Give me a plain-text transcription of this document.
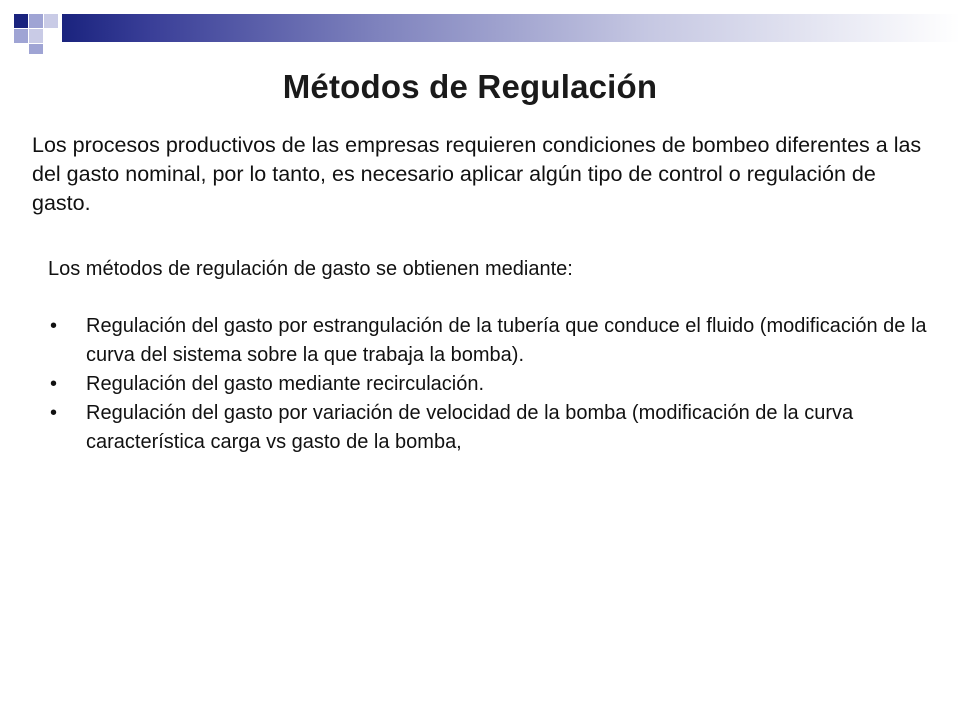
Métodos de Regulación

Los procesos productivos de las empresas requieren condiciones de bombeo diferentes a las del gasto nominal, por lo tanto, es necesario aplicar algún tipo de control o regulación de gasto.

Los métodos de regulación de gasto se obtienen mediante:

• Regulación del gasto por estrangulación de la tubería que conduce el fluido (modificación de la curva del sistema sobre la que trabaja la bomba).
• Regulación del gasto mediante recirculación.
• Regulación del gasto por variación de velocidad de la bomba (modificación de la curva característica carga vs gasto de la bomba,
